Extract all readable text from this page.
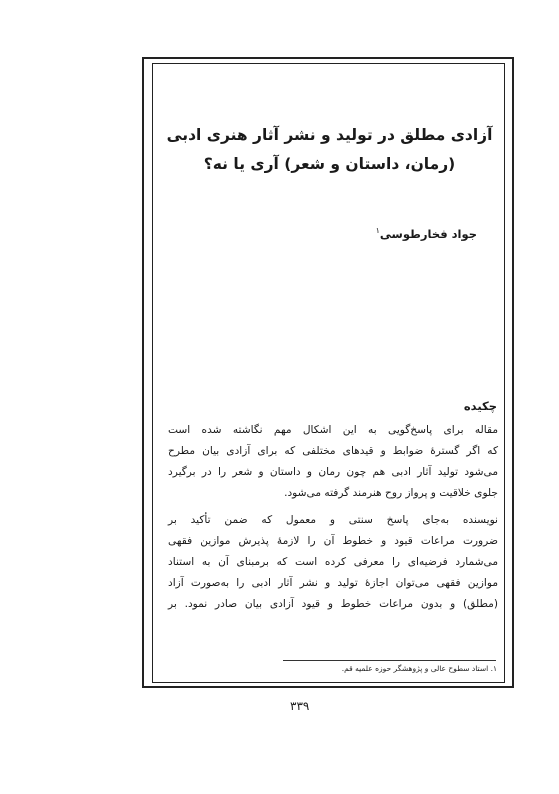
آزادی مطلق در تولید و نشر آثار هنری ادبی
(رمان، داستان و شعر) آری یا نه؟
جواد فخارطوسی$^۱$
چکیده
مقاله برای پاسخ‌گویی به این اشکال مهم نگاشته شده است
که اگر گسترهٔ ضوابط و قیدهای مختلفی که برای آزادی بیان مطرح
می‌شود تولید آثار ادبی هم چون رمان و داستان و شعر را در برگیرد
جلوی خلاقیت و پرواز روح هنرمند گرفته می‌شود.
نویسنده به‌جای پاسخ سنتی و معمول که ضمن تأکید بر
ضرورت مراعات قیود و خطوط آن را لازمهٔ پذیرش موازین فقهی
می‌شمارد فرضیه‌ای را معرفی کرده است که برمبنای آن به استناد
موازین فقهی می‌توان اجازهٔ تولید و نشر آثار ادبی را به‌صورت آزاد
(مطلق) و بدون مراعات خطوط و قیود آزادی بیان صادر نمود. بر
۱. استاد سطوح عالی و پژوهشگر حوزه علمیه قم.
۳۳۹
